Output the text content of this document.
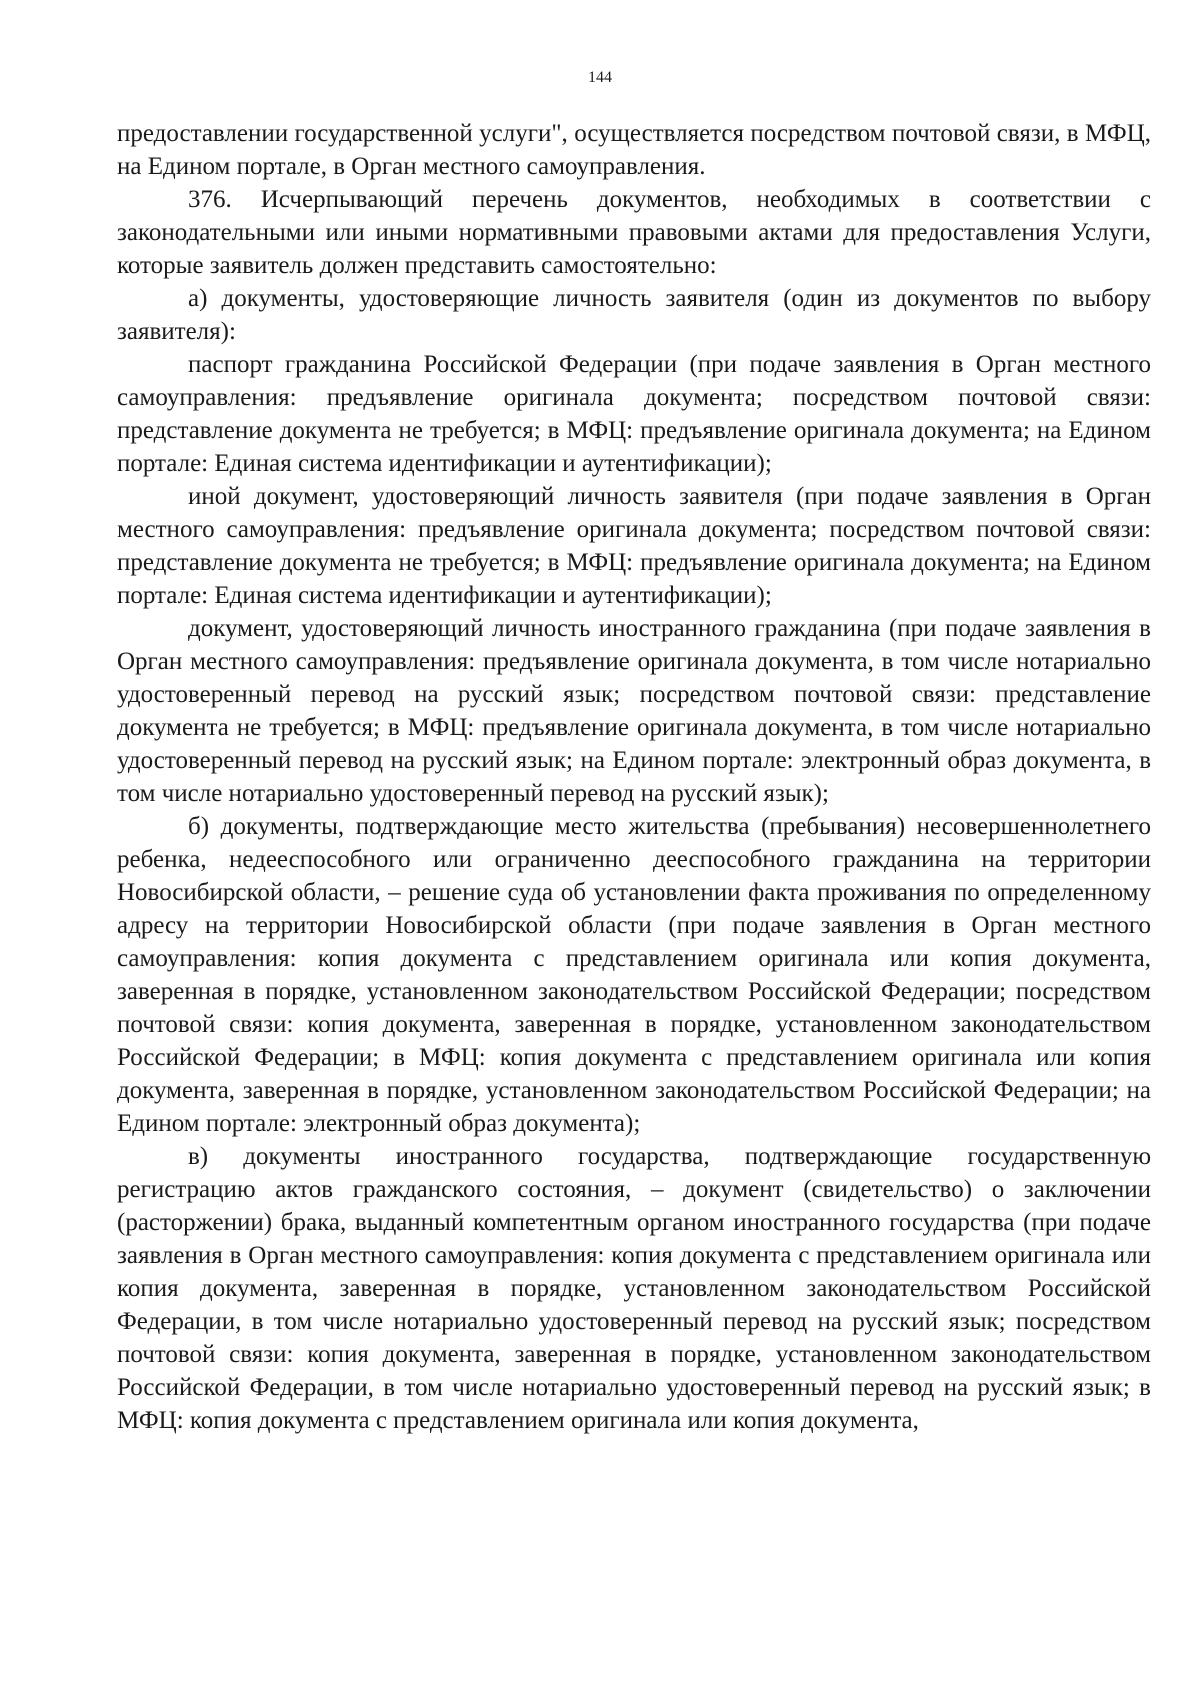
144

предоставлении государственной услуги", осуществляется посредством почтовой связи, в МФЦ, на Едином портале, в Орган местного самоуправления.

376. Исчерпывающий перечень документов, необходимых в соответствии с законодательными или иными нормативными правовыми актами для предоставления Услуги, которые заявитель должен представить самостоятельно:

а) документы, удостоверяющие личность заявителя (один из документов по выбору заявителя):

паспорт гражданина Российской Федерации (при подаче заявления в Орган местного самоуправления: предъявление оригинала документа; посредством почтовой связи: представление документа не требуется; в МФЦ: предъявление оригинала документа; на Едином портале: Единая система идентификации и аутентификации);

иной документ, удостоверяющий личность заявителя (при подаче заявления в Орган местного самоуправления: предъявление оригинала документа; посредством почтовой связи: представление документа не требуется; в МФЦ: предъявление оригинала документа; на Едином портале: Единая система идентификации и аутентификации);

документ, удостоверяющий личность иностранного гражданина (при подаче заявления в Орган местного самоуправления: предъявление оригинала документа, в том числе нотариально удостоверенный перевод на русский язык; посредством почтовой связи: представление документа не требуется; в МФЦ: предъявление оригинала документа, в том числе нотариально удостоверенный перевод на русский язык; на Едином портале: электронный образ документа, в том числе нотариально удостоверенный перевод на русский язык);

б) документы, подтверждающие место жительства (пребывания) несовершеннолетнего ребенка, недееспособного или ограниченно дееспособного гражданина на территории Новосибирской области, – решение суда об установлении факта проживания по определенному адресу на территории Новосибирской области (при подаче заявления в Орган местного самоуправления: копия документа с представлением оригинала или копия документа, заверенная в порядке, установленном законодательством Российской Федерации; посредством почтовой связи: копия документа, заверенная в порядке, установленном законодательством Российской Федерации; в МФЦ: копия документа с представлением оригинала или копия документа, заверенная в порядке, установленном законодательством Российской Федерации; на Едином портале: электронный образ документа);

в) документы иностранного государства, подтверждающие государственную регистрацию актов гражданского состояния, – документ (свидетельство) о заключении (расторжении) брака, выданный компетентным органом иностранного государства (при подаче заявления в Орган местного самоуправления: копия документа с представлением оригинала или копия документа, заверенная в порядке, установленном законодательством Российской Федерации, в том числе нотариально удостоверенный перевод на русский язык; посредством почтовой связи: копия документа, заверенная в порядке, установленном законодательством Российской Федерации, в том числе нотариально удостоверенный перевод на русский язык; в МФЦ: копия документа с представлением оригинала или копия документа,
